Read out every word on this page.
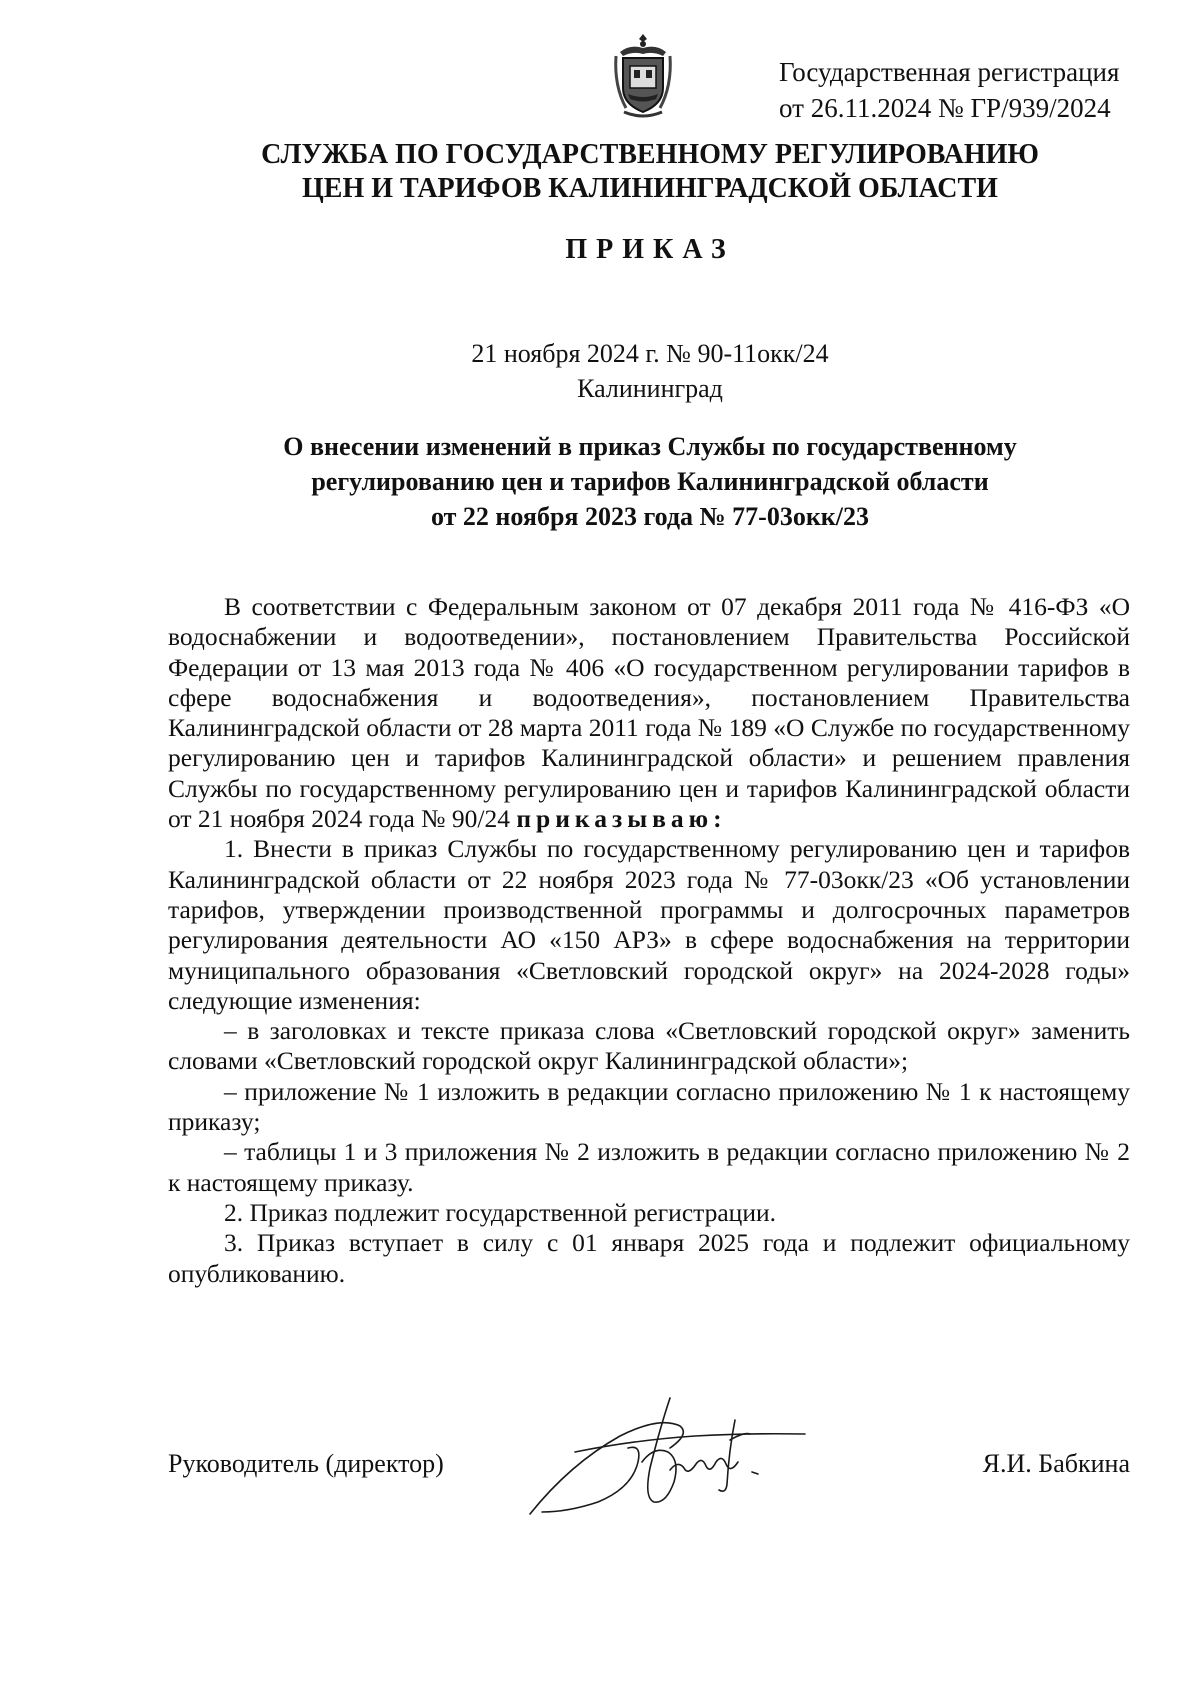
Государственная регистрация
от 26.11.2024 № ГР/939/2024
СЛУЖБА ПО ГОСУДАРСТВЕННОМУ РЕГУЛИРОВАНИЮ
ЦЕН И ТАРИФОВ КАЛИНИНГРАДСКОЙ ОБЛАСТИ
ПРИКАЗ
21 ноября 2024 г. № 90-11окк/24
Калининград
О внесении изменений в приказ Службы по государственному
регулированию цен и тарифов Калининградской области
от 22 ноября 2023 года № 77-03окк/23

В соответствии с Федеральным законом от 07 декабря 2011 года № 416-ФЗ «О водоснабжении и водоотведении», постановлением Правительства Российской Федерации от 13 мая 2013 года № 406 «О государственном регулировании тарифов в сфере водоснабжения и водоотведения», постановлением Правительства Калининградской области от 28 марта 2011 года № 189 «О Службе по государственному регулированию цен и тарифов Калининградской области» и решением правления Службы по государственному регулированию цен и тарифов Калининградской области от 21 ноября 2024 года № 90/24 приказываю:

1. Внести в приказ Службы по государственному регулированию цен и тарифов Калининградской области от 22 ноября 2023 года № 77-03окк/23 «Об установлении тарифов, утверждении производственной программы и долгосрочных параметров регулирования деятельности АО «150 АРЗ» в сфере водоснабжения на территории муниципального образования «Светловский городской округ» на 2024-2028 годы» следующие изменения:

– в заголовках и тексте приказа слова «Светловский городской округ» заменить словами «Светловский городской округ Калининградской области»;

– приложение № 1 изложить в редакции согласно приложению № 1 к настоящему приказу;

– таблицы 1 и 3 приложения № 2 изложить в редакции согласно приложению № 2 к настоящему приказу.

2. Приказ подлежит государственной регистрации.

3. Приказ вступает в силу с 01 января 2025 года и подлежит официальному опубликованию.

Руководитель (директор)	Я.И. Бабкина
